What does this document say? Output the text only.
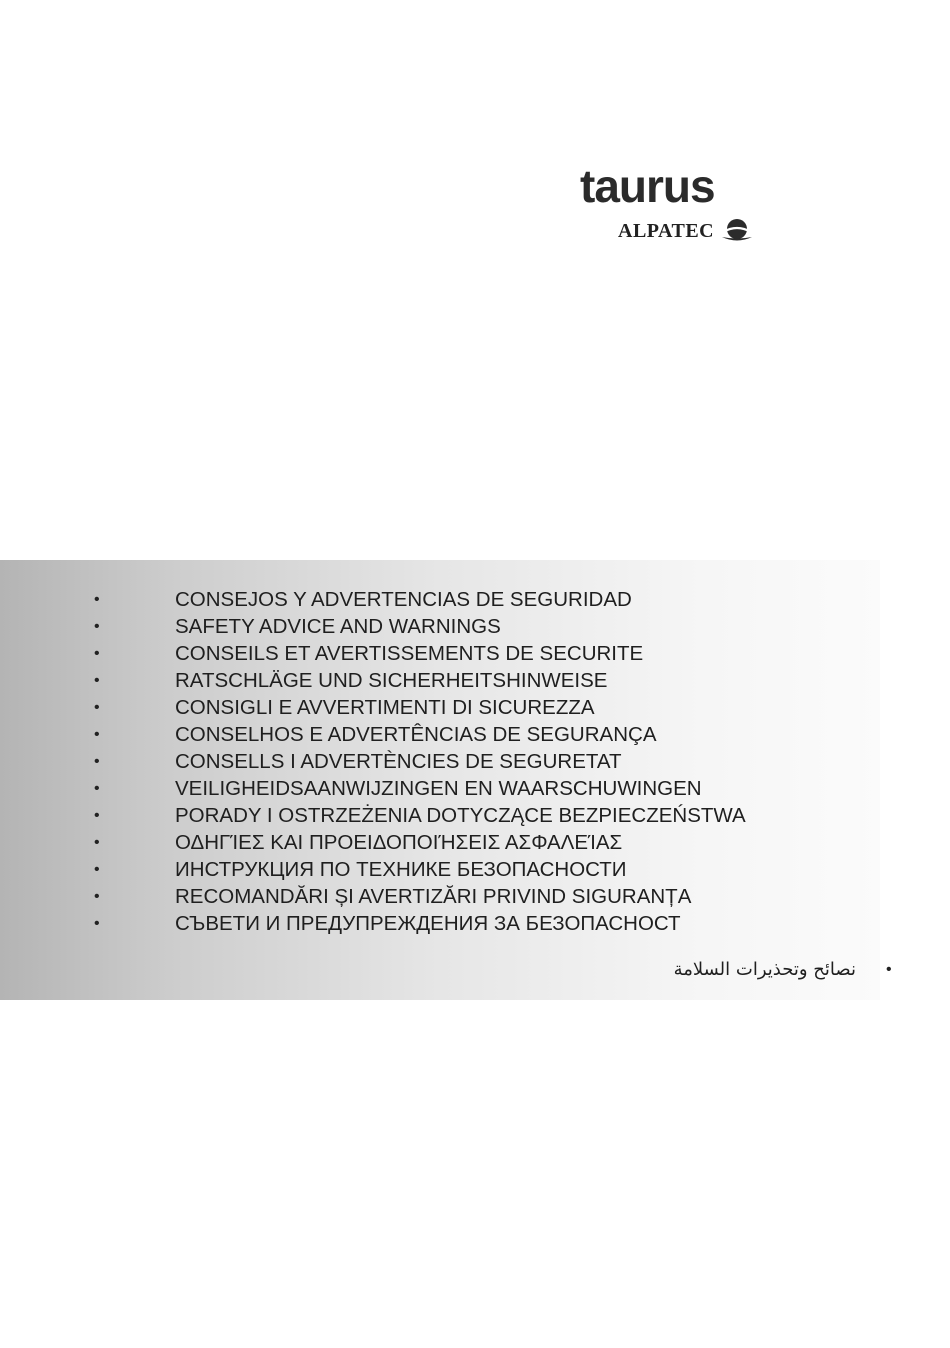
taurus
ALPATEC
•	CONSEJOS Y ADVERTENCIAS DE SEGURIDAD
•	SAFETY ADVICE AND WARNINGS
•	CONSEILS ET AVERTISSEMENTS DE SECURITE
•	RATSCHLÄGE UND SICHERHEITSHINWEISE
•	CONSIGLI E AVVERTIMENTI DI SICUREZZA
•	CONSELHOS E ADVERTÊNCIAS DE SEGURANÇA
•	CONSELLS I ADVERTÈNCIES DE SEGURETAT
•	VEILIGHEIDSAANWIJZINGEN EN WAARSCHUWINGEN
•	PORADY I OSTRZEŻENIA DOTYCZĄCE BEZPIECZEŃSTWA
•	ΟΔΗΓΊΕΣ ΚΑΙ ΠΡΟΕΙΔΟΠΟΙΉΣΕΙΣ ΑΣΦΑΛΕΊΑΣ
•	ИНСТРУКЦИЯ ПО ТЕХНИКЕ БЕЗОПАСНОСТИ
•	RECOMANDĂRI ȘI AVERTIZĂRI PRIVIND SIGURANȚA
•	СЪВЕТИ И ПРЕДУПРЕЖДЕНИЯ ЗА БЕЗОПАСНОСТ
نصائح وتحذيرات السلامة •
